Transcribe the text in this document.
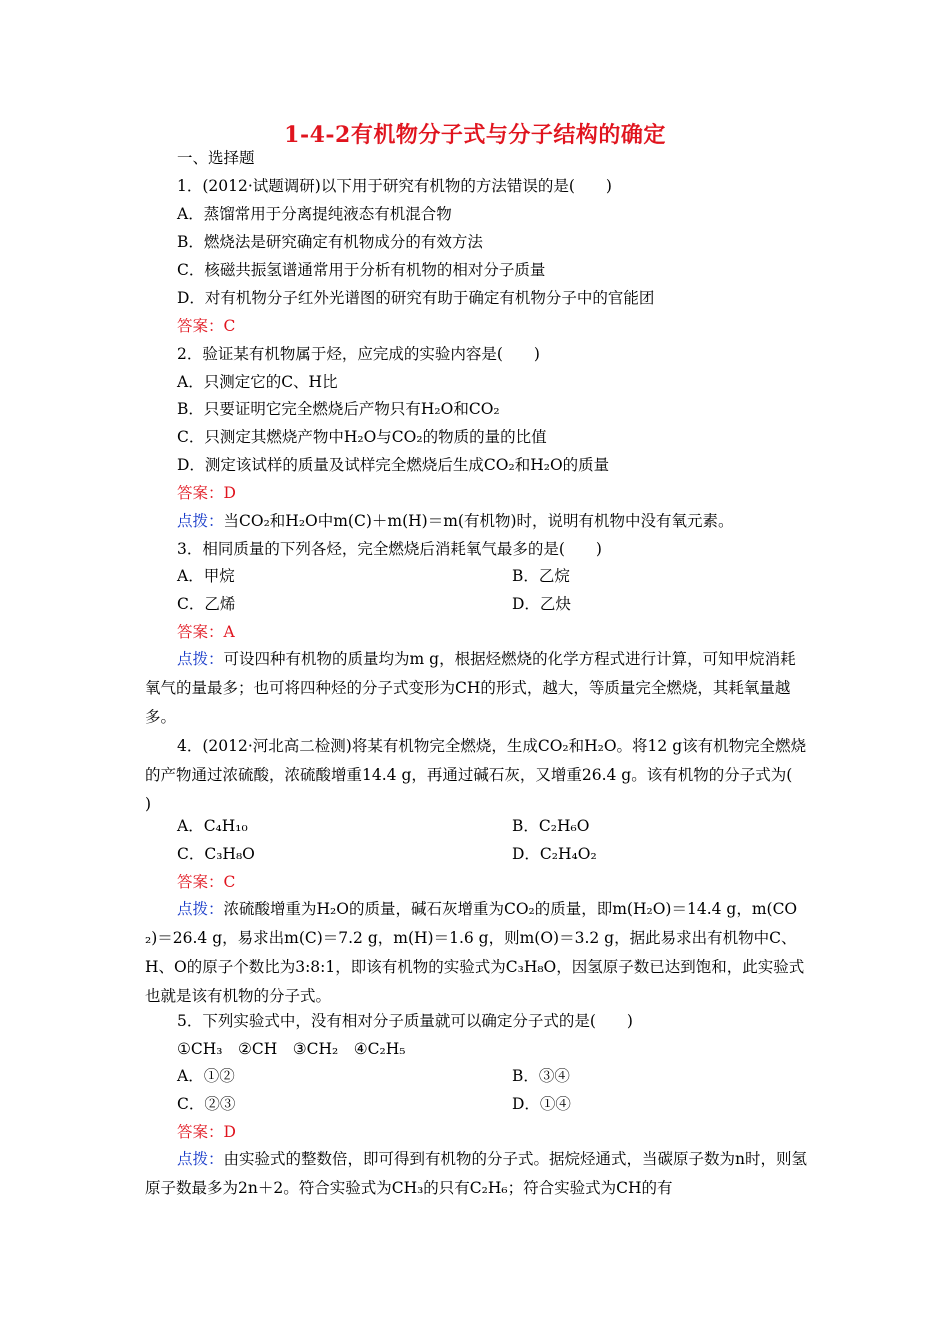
1-4-2有机物分子式与分子结构的确定
一、选择题
1．(2012·试题调研)以下用于研究有机物的方法错误的是(　　)
A．蒸馏常用于分离提纯液态有机混合物
B．燃烧法是研究确定有机物成分的有效方法
C．核磁共振氢谱通常用于分析有机物的相对分子质量
D．对有机物分子红外光谱图的研究有助于确定有机物分子中的官能团
答案：C
2．验证某有机物属于烃，应完成的实验内容是(　　)
A．只测定它的C、H比
B．只要证明它完全燃烧后产物只有H₂O和CO₂
C．只测定其燃烧产物中H₂O与CO₂的物质的量的比值
D．测定该试样的质量及试样完全燃烧后生成CO₂和H₂O的质量
答案：D
点拨：当CO₂和H₂O中m(C)＋m(H)＝m(有机物)时，说明有机物中没有氧元素。
3．相同质量的下列各烃，完全燃烧后消耗氧气最多的是(　　)
A．甲烷	B．乙烷
C．乙烯	D．乙炔
答案：A
点拨：可设四种有机物的质量均为m g，根据烃燃烧的化学方程式进行计算，可知甲烷消耗氧气的量最多；也可将四种烃的分子式变形为CH的形式，越大，等质量完全燃烧，其耗氧量越多。
4．(2012·河北高二检测)将某有机物完全燃烧，生成CO₂和H₂O。将12 g该有机物完全燃烧的产物通过浓硫酸，浓硫酸增重14.4 g，再通过碱石灰，又增重26.4 g。该有机物的分子式为(　　)
A．C₄H₁₀	B．C₂H₆O
C．C₃H₈O	D．C₂H₄O₂
答案：C
点拨：浓硫酸增重为H₂O的质量，碱石灰增重为CO₂的质量，即m(H₂O)＝14.4 g，m(CO₂)＝26.4 g，易求出m(C)＝7.2 g，m(H)＝1.6 g，则m(O)＝3.2 g，据此易求出有机物中C、H、O的原子个数比为3:8:1，即该有机物的实验式为C₃H₈O，因氢原子数已达到饱和，此实验式也就是该有机物的分子式。
5．下列实验式中，没有相对分子质量就可以确定分子式的是(　　)
①CH₃　②CH　③CH₂　④C₂H₅
A．①②	B．③④
C．②③	D．①④
答案：D
点拨：由实验式的整数倍，即可得到有机物的分子式。据烷烃通式，当碳原子数为n时，则氢原子数最多为2n＋2。符合实验式为CH₃的只有C₂H₆；符合实验式为CH的有
